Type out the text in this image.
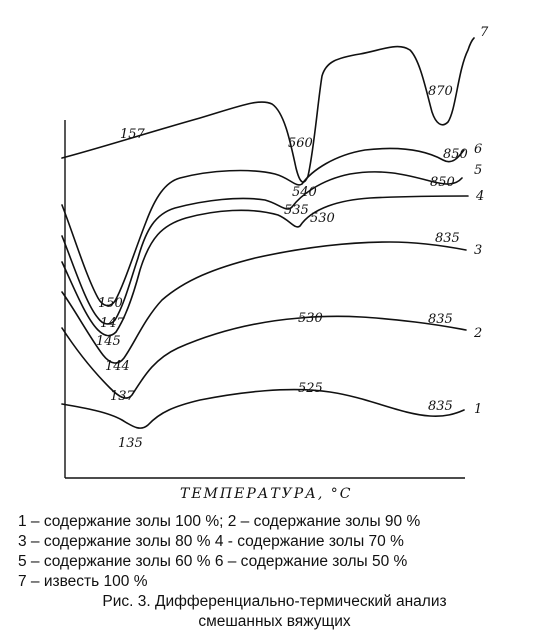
ТЕМПЕРАТУРА, °С
1
135
525
835
2
137
530	835
3
144
835
4
145
530
5
147
535
850
6
150
540
850
7
157
560
870
1 – содержание золы 100 %; 2 – содержание золы 90 %
3 – содержание золы 80 % 4 - содержание золы 70 %
5 – содержание золы 60 % 6 – содержание золы 50 %
7 – известь 100 %
Рис. 3. Дифференциально-термический анализ
смешанных вяжущих
